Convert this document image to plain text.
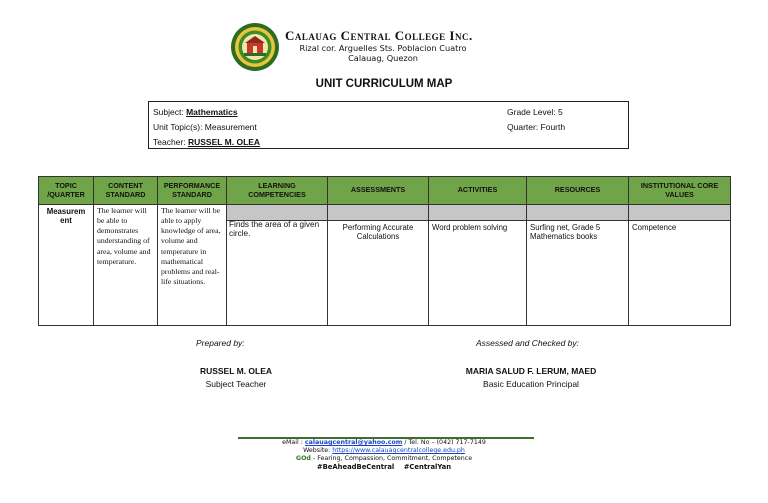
Calauag Central College Inc.
Rizal cor. Arguelles Sts. Poblacion Cuatro
Calauag, Quezon
UNIT CURRICULUM MAP
Subject: Mathematics
Unit Topic(s): Measurement
Teacher: RUSSEL M. OLEA
Grade Level: 5
Quarter: Fourth
TOPIC /QUARTER	CONTENT STANDARD	PERFORMANCE STANDARD	LEARNING COMPETENCIES	ASSESSMENTS	ACTIVITIES	RESOURCES	INSTITUTIONAL CORE VALUES
Measurem ent	The learner will be able to demonstrates understanding of area, volume and temperature.	The learner will be able to apply knowledge of area, volume and temperature in mathematical problems and real-life situations.	Finds the area of a given circle.	Performing Accurate Calculations	Word problem solving	Surfing net, Grade 5 Mathematics books	Competence
Prepared by:
RUSSEL M. OLEA
Subject Teacher
Assessed and Checked by:
MARIA SALUD F. LERUM, MAED
Basic Education Principal
eMail : calauagcentral@yahoo.com / Tel. No – (042) 717-7149
Website: https://www.calauagcentralcollege.edu.ph
GOd - Fearing, Compassion, Commitment, Competence
#BeAheadBeCentral    #CentralYan
